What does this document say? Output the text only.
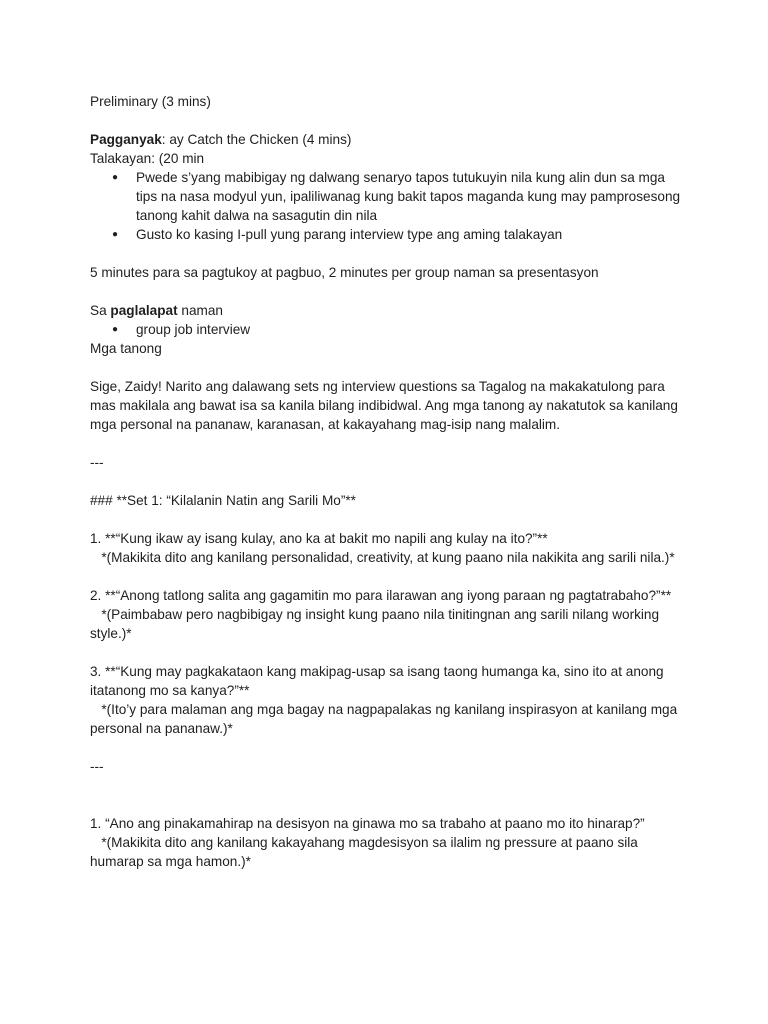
Preliminary (3 mins)

Pagganyak: ay Catch the Chicken (4 mins)

Talakayan: (20 min

● Pwede s’yang mabibigay ng dalwang senaryo tapos tutukuyin nila kung alin dun sa mga tips na nasa modyul yun, ipaliliwanag kung bakit tapos maganda kung may pamprosesong tanong kahit dalwa na sasagutin din nila
● Gusto ko kasing I-pull yung parang interview type ang aming talakayan

5 minutes para sa pagtukoy at pagbuo, 2 minutes per group naman sa presentasyon

Sa paglalapat naman

● group job interview

Mga tanong

Sige, Zaidy! Narito ang dalawang sets ng interview questions sa Tagalog na makakatulong para mas makilala ang bawat isa sa kanila bilang indibidwal. Ang mga tanong ay nakatutok sa kanilang mga personal na pananaw, karanasan, at kakayahang mag-isip nang malalim.

---

### **Set 1: “Kilalanin Natin ang Sarili Mo”**

1. **“Kung ikaw ay isang kulay, ano ka at bakit mo napili ang kulay na ito?”**

*(Makikita dito ang kanilang personalidad, creativity, at kung paano nila nakikita ang sarili nila.)*

2. **“Anong tatlong salita ang gagamitin mo para ilarawan ang iyong paraan ng pagtatrabaho?”**

*(Paimbabaw pero nagbibigay ng insight kung paano nila tinitingnan ang sarili nilang working style.)*

3. **“Kung may pagkakataon kang makipag-usap sa isang taong humanga ka, sino ito at anong itatanong mo sa kanya?”**

*(Ito’y para malaman ang mga bagay na nagpapalakas ng kanilang inspirasyon at kanilang mga personal na pananaw.)*

---

1. “Ano ang pinakamahirap na desisyon na ginawa mo sa trabaho at paano mo ito hinarap?”

*(Makikita dito ang kanilang kakayahang magdesisyon sa ilalim ng pressure at paano sila humarap sa mga hamon.)*
